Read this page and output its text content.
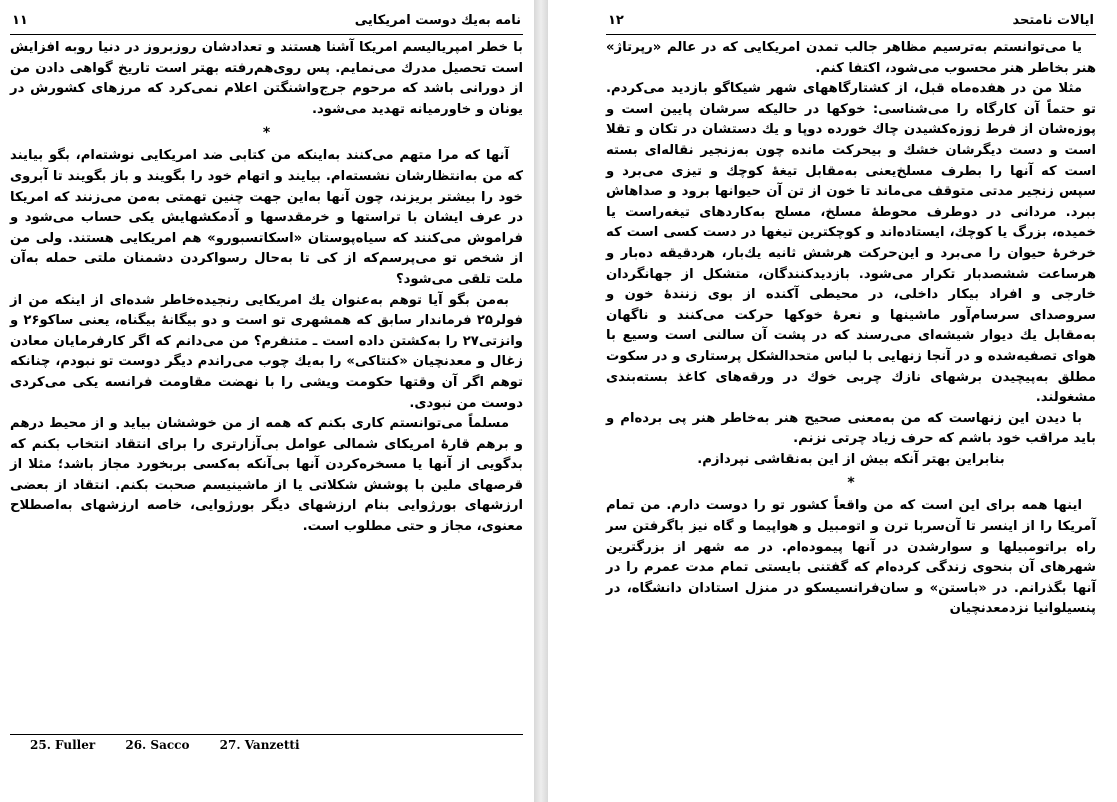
۱۱	نامه به‌یك دوست امریكایی

با خطر امپریالیسم امریکا آشنا هستند و تعدادشان روزبروز در دنیا روبه افزایش است تحصیل مدرك می‌نمایم. پس روی‌هم‌رفته بهتر است تاریخ گواهی دادن من از دورانی باشد که مرحوم جرج‌واشنگتن اعلام نمی‌کرد که مرزهای کشورش در یونان و خاورمیانه تهدید می‌شود.

*

آنها که مرا متهم می‌کنند به‌اینکه من کتابی ضد امریکایی نوشته‌ام، بگو بیایند که من به‌انتظارشان نشسته‌ام. بیایند و اتهام خود را بگویند و باز بگویند تا آبروی خود را بیشتر بریزند، چون آنها به‌این جهت چنین تهمتی به‌من می‌زنند که امریکا در عرف ایشان با تراستها و خرمقدسها و آدمکشهایش یکی حساب می‌شود و فراموش می‌کنند که سیاه‌پوستان «اسکاتسبورو» هم امریکایی هستند. ولی من از شخص تو می‌پرسم‌که از کی تا به‌حال رسواکردن دشمنان ملتی حمله به‌آن ملت تلقی می‌شود؟

به‌من بگو آیا توهم به‌عنوان یك امریکایی رنجیده‌خاطر شده‌ای از اینکه من از فولر۲۵ فرماندار سابق که همشهری تو است و دو بیگانهٔ بیگناه، یعنی ساکو۲۶ و وانزتی۲۷ را به‌کشتن داده است ـ متنفرم؟ من می‌دانم که اگر کارفرمایان معادن زغال و معدنچیان «کنتاکی» را به‌یك چوب می‌راندم دیگر دوست تو نبودم، چنانکه توهم اگر آن وقتها حکومت ویشی را با نهضت مقاومت فرانسه یکی می‌کردی دوست من نبودی.

مسلماً می‌توانستم کاری بکنم که همه از من خوششان بیاید و از محیط درهم و برهم قارهٔ امریکای شمالی عوامل بی‌آزارتری را برای انتقاد انتخاب بکنم که بدگویی از آنها یا مسخره‌کردن آنها بی‌آنکه به‌کسی بربخورد مجاز باشد؛ مثلا از قرصهای ملین با پوشش شکلاتی یا از ماشینیسم صحبت بکنم. انتقاد از بعضی ارزشهای بورژوایی بنام ارزشهای دیگر بورژوایی، خاصه ارزشهای به‌اصطلاح معنوی، مجاز و حتی مطلوب است.

25. Fuller	26. Sacco	27. Vanzetti
۱۲	ایالات نامتحد

یا می‌توانستم به‌ترسیم مظاهر جالب تمدن امریکایی که در عالم «رپرتاژ» هنر بخاطر هنر محسوب می‌شود، اکتفا کنم.

مثلا من در هفده‌ماه قبل، از کشتارگاههای شهر شیکاگو بازدید می‌کردم. تو حتماً آن کارگاه را می‌شناسی: خوکها در حالیکه سرشان پایین است و پوزه‌شان از فرط زوزه‌کشیدن چاك خورده دوپا و یك دستشان در تکان و تقلا است و دست دیگرشان خشك و بیحرکت مانده چون به‌زنجیر نقاله‌ای بسته است که آنها را بطرف مسلخ‌یعنی به‌مقابل تیغهٔ کوچك و تیزی می‌برد و سپس زنجیر مدتی متوقف می‌ماند تا خون از تن آن حیوانها برود و صداهاش ببرد. مردانی در دوطرف محوطهٔ مسلخ، مسلح به‌کاردهای تیغه‌راست یا خمیده، بزرگ یا کوچك، ایستاده‌اند و کوچکترین تیغها در دست کسی است که خرخرهٔ حیوان را می‌برد و این‌حرکت هرشش ثانیه یك‌بار، هردقیقه ده‌بار و هرساعت ششصدبار تکرار می‌شود. بازدیدکنندگان، متشکل از جهانگردان خارجی و افراد بیکار داخلی، در محیطی آکنده از بوی زنندهٔ خون و سروصدای سرسام‌آور ماشینها و نعرهٔ خوکها حرکت می‌کنند و ناگهان به‌مقابل یك دیوار شیشه‌ای می‌رسند که در پشت آن سالنی است وسیع با هوای تصفیه‌شده و در آنجا زنهایی با لباس متحدالشکل پرستاری و در سکوت مطلق به‌پیچیدن برشهای نازك چربی خوك در ورقه‌های کاغذ بسته‌بندی مشغولند.

با دیدن این زنهاست که من به‌معنی صحیح هنر به‌خاطر هنر پی برده‌ام و باید مراقب خود باشم که حرف زیاد چرتی نزنم.

بنابراین بهتر آنکه بیش از این به‌نقاشی نپردازم.

*

اینها همه برای این است که من واقعاً کشور تو را دوست دارم. من تمام آمریکا را از اینسر تا آن‌سربا ترن و اتومبیل و هواپیما و گاه نیز باگرفتن سر راه براتومبیلها و سوارشدن در آنها پیموده‌ام. در مه شهر از بزرگترین شهرهای آن بنحوی زندگی کرده‌ام که گفتنی بایستی تمام مدت عمرم را در آنها بگذرانم. در «باستن» و سان‌فرانسیسکو در منزل استادان دانشگاه، در پنسیلوانیا نزدمعدنچیان
